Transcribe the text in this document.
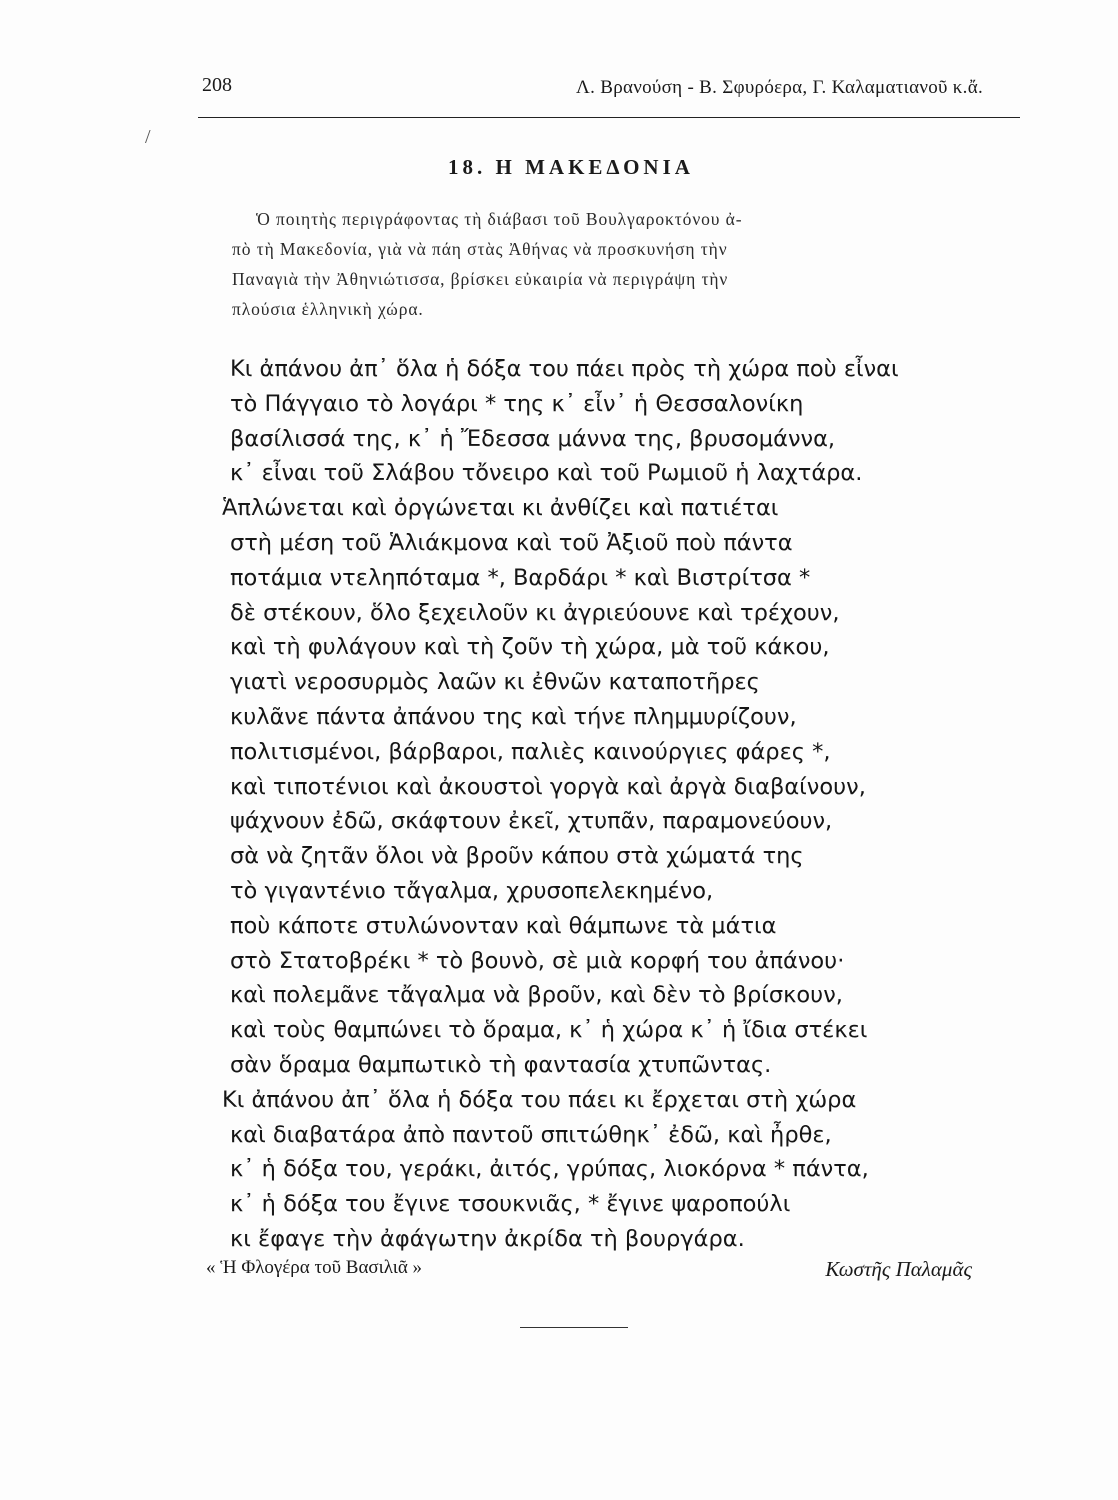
208	Λ. Βρανούση - Β. Σφυρόερα, Γ. Καλαματιανοῦ κ.ἄ.
/
18. Η ΜΑΚΕΔΟΝΙΑ
Ὁ ποιητὴς περιγράφοντας τὴ διάβασι τοῦ Βουλγαροκτόνου ἀ-
πὸ τὴ Μακεδονία, γιὰ νὰ πάη στὰς Ἀθήνας νὰ προσκυνήση τὴν
Παναγιὰ τὴν Ἀθηνιώτισσα, βρίσκει εὐκαιρία νὰ περιγράψη τὴν
πλούσια ἑλληνικὴ χώρα.
Κι ἀπάνου ἀπ᾽ ὅλα ἡ δόξα του πάει πρὸς τὴ χώρα ποὺ εἶναι
τὸ Πάγγαιο τὸ λογάρι * της κ᾽ εἶν᾽ ἡ Θεσσαλονίκη
βασίλισσά της, κ᾽ ἡ Ἔδεσσα μάννα της, βρυσομάννα,
κ᾽ εἶναι τοῦ Σλάβου τὄνειρο καὶ τοῦ Ρωμιοῦ ἡ λαχτάρα.
Ἁπλώνεται καὶ ὀργώνεται κι ἀνθίζει καὶ πατιέται
στὴ μέση τοῦ Ἁλιάκμονα καὶ τοῦ Ἀξιοῦ ποὺ πάντα
ποτάμια ντεληπόταμα *, Βαρδάρι * καὶ Βιστρίτσα *
δὲ στέκουν, ὅλο ξεχειλοῦν κι ἀγριεύουνε καὶ τρέχουν,
καὶ τὴ φυλάγουν καὶ τὴ ζοῦν τὴ χώρα, μὰ τοῦ κάκου,
γιατὶ νεροσυρμὸς λαῶν κι ἐθνῶν καταποτῆρες
κυλᾶνε πάντα ἀπάνου της καὶ τήνε πλημμυρίζουν,
πολιτισμένοι, βάρβαροι, παλιὲς καινούργιες φάρες *,
καὶ τιποτένιοι καὶ ἀκουστοὶ γοργὰ καὶ ἀργὰ διαβαίνουν,
ψάχνουν ἐδῶ, σκάφτουν ἐκεῖ, χτυπᾶν, παραμονεύουν,
σὰ νὰ ζητᾶν ὅλοι νὰ βροῦν κάπου στὰ χώματά της
τὸ γιγαντένιο τἄγαλμα, χρυσοπελεκημένο,
ποὺ κάποτε στυλώνονταν καὶ θάμπωνε τὰ μάτια
στὸ Στατοβρέκι * τὸ βουνὸ, σὲ μιὰ κορφή του ἀπάνου·
καὶ πολεμᾶνε τἄγαλμα νὰ βροῦν, καὶ δὲν τὸ βρίσκουν,
καὶ τοὺς θαμπώνει τὸ ὅραμα, κ᾽ ἡ χώρα κ᾽ ἡ ἴδια στέκει
σὰν ὅραμα θαμπωτικὸ τὴ φαντασία χτυπῶντας.
Κι ἀπάνου ἀπ᾽ ὅλα ἡ δόξα του πάει κι ἔρχεται στὴ χώρα
καὶ διαβατάρα ἀπὸ παντοῦ σπιτώθηκ᾽ ἐδῶ, καὶ ἦρθε,
κ᾽ ἡ δόξα του, γεράκι, ἀιτός, γρύπας, λιοκόρνα * πάντα,
κ᾽ ἡ δόξα του ἔγινε τσουκνιᾶς, * ἔγινε ψαροπούλι
κι ἔφαγε τὴν ἀφάγωτην ἀκρίδα τὴ βουργάρα.
« Ἡ Φλογέρα τοῦ Βασιλιᾶ »	Κωστῆς Παλαμᾶς
